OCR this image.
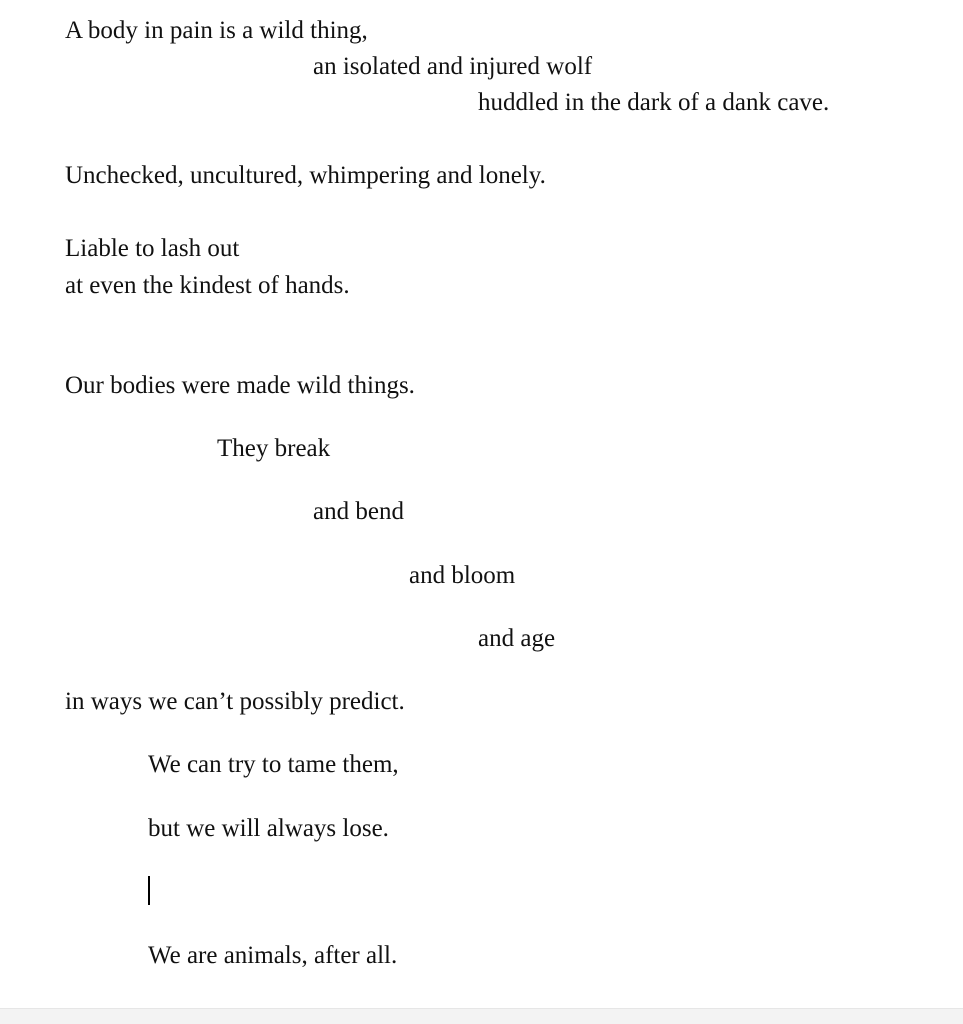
A body in pain is a wild thing,
an isolated and injured wolf
huddled in the dark of a dank cave.
Unchecked, uncultured, whimpering and lonely.
Liable to lash out
at even the kindest of hands.
Our bodies were made wild things.
They break
and bend
and bloom
and age
in ways we can’t possibly predict.
We can try to tame them,
but we will always lose.
We are animals, after all.
